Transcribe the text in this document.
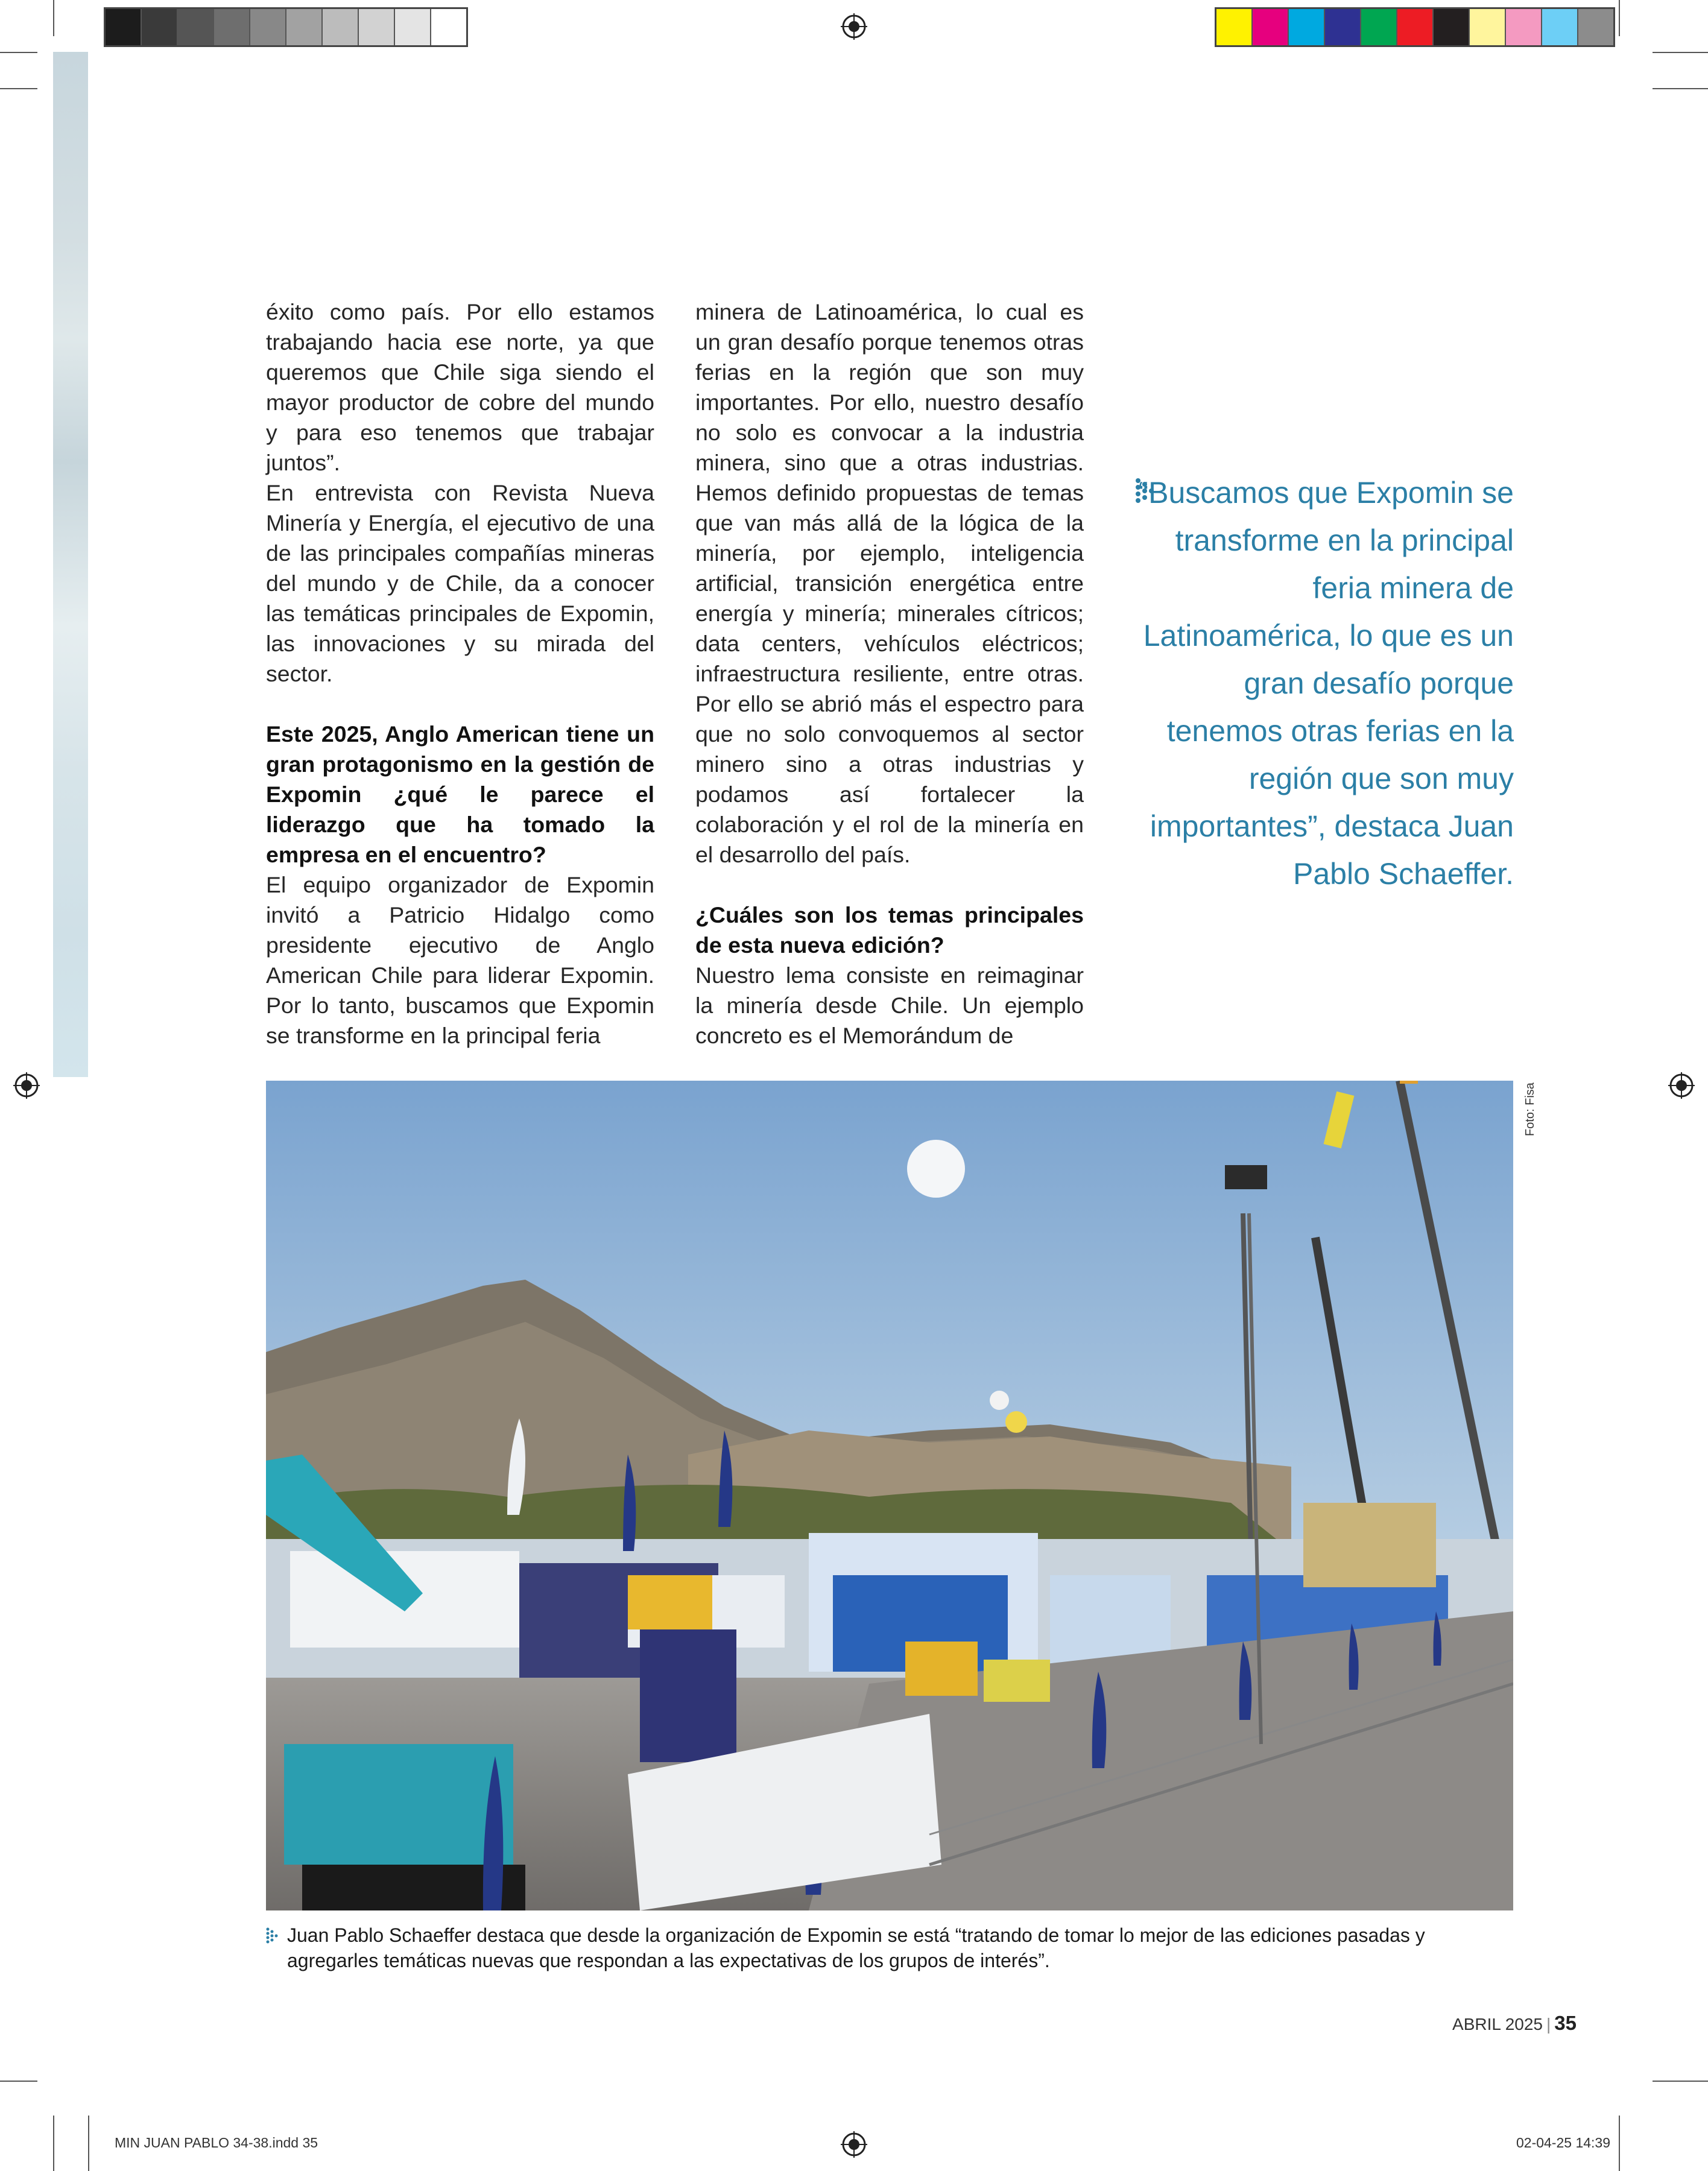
éxito como país. Por ello estamos trabajando hacia ese norte, ya que queremos que Chile siga siendo el mayor productor de cobre del mundo y para eso tenemos que trabajar juntos”.

En entrevista con Revista Nueva Minería y Energía, el ejecutivo de una de las principales compañías mineras del mundo y de Chile, da a conocer las temáticas principales de Expomin, las innovaciones y su mirada del sector.

Este 2025, Anglo American tiene un gran protagonismo en la gestión de Expomin ¿qué le parece el liderazgo que ha tomado la empresa en el encuentro?

El equipo organizador de Expomin invitó a Patricio Hidalgo como presidente ejecutivo de Anglo American Chile para liderar Expomin. Por lo tanto, buscamos que Expomin se transforme en la principal feria

minera de Latinoamérica, lo cual es un gran desafío porque tenemos otras ferias en la región que son muy importantes. Por ello, nuestro desafío no solo es convocar a la industria minera, sino que a otras industrias. Hemos definido propuestas de temas que van más allá de la lógica de la minería, por ejemplo, inteligencia artificial, transición energética entre energía y minería; minerales cítricos; data centers, vehículos eléctricos; infraestructura resiliente, entre otras. Por ello se abrió más el espectro para que no solo convoquemos al sector minero sino a otras industrias y podamos así fortalecer la colaboración y el rol de la minería en el desarrollo del país.

¿Cuáles son los temas principales de esta nueva edición?

Nuestro lema consiste en reimaginar la minería desde Chile. Un ejemplo concreto es el Memorándum de

“Buscamos que Expomin se transforme en la principal feria minera de Latinoamérica, lo que es un gran desafío porque tenemos otras ferias en la región que son muy importantes”, destaca Juan Pablo Schaeffer.
Foto: Fisa
Juan Pablo Schaeffer destaca que desde la organización de Expomin se está “tratando de tomar lo mejor de las ediciones pasadas y agregarles temáticas nuevas que respondan a las expectativas de los grupos de interés”.
ABRIL 2025 | 35
MIN JUAN PABLO 34-38.indd 35	02-04-25 14:39
